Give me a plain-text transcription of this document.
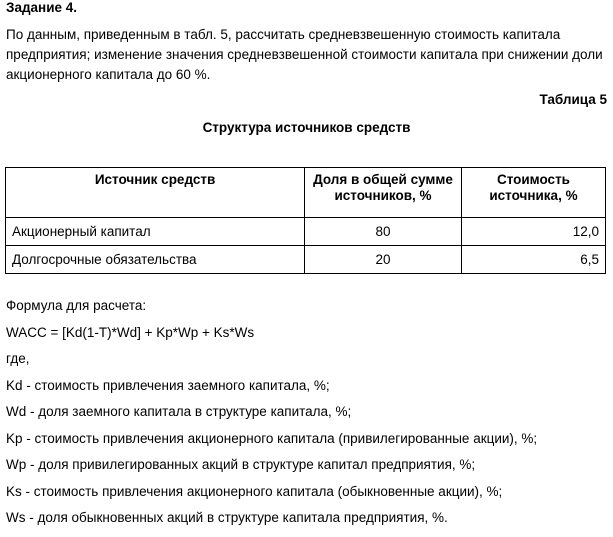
Задание 4.
По данным, приведенным в табл. 5, рассчитать средневзвешенную стоимость капитала предприятия; изменение значения средневзвешенной стоимости капитала при снижении доли акционерного капитала до 60 %.
Таблица 5
Структура источников средств
Источник средств	Доля в общей сумме источников, %	Стоимость источника, %
Акционерный капитал	80	12,0
Долгосрочные обязательства	20	6,5

Формула для расчета:

WACC = [Kd(1-T)*Wd] + Kp*Wp + Ks*Ws

где,

Kd - стоимость привлечения заемного капитала, %;

Wd - доля заемного капитала в структуре капитала, %;

Kp - стоимость привлечения акционерного капитала (привилегированные акции), %;

Wp - доля привилегированных акций в структуре капитал предприятия, %;

Ks - стоимость привлечения акционерного капитала (обыкновенные акции), %;

Ws - доля обыкновенных акций в структуре капитала предприятия, %.
